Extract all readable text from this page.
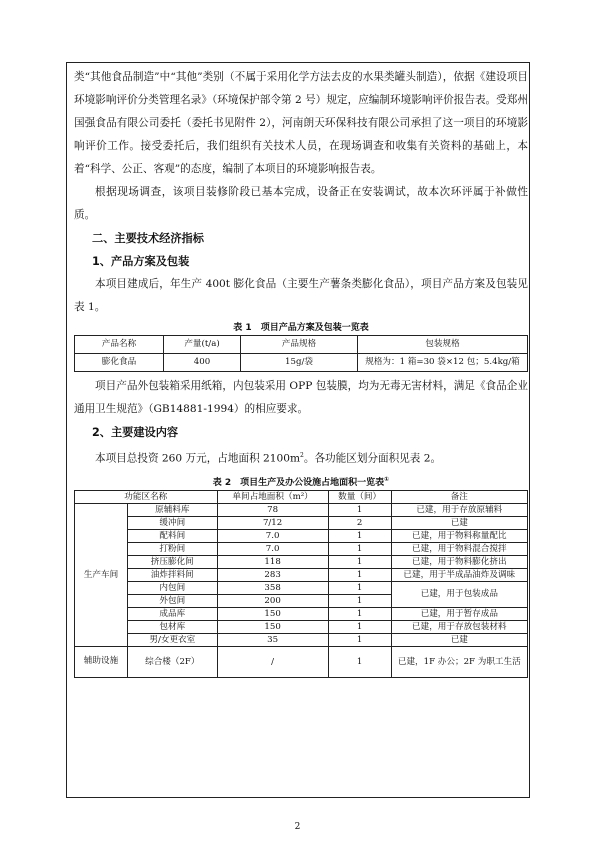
类“其他食品制造”中“其他”类别（不属于采用化学方法去皮的水果类罐头制造），依据《建设项目环境影响评价分类管理名录》（环境保护部令第 2 号）规定，应编制环境影响评价报告表。受郑州国强食品有限公司委托（委托书见附件 2），河南朗天环保科技有限公司承担了这一项目的环境影响评价工作。接受委托后，我们组织有关技术人员，在现场调查和收集有关资料的基础上，本着“科学、公正、客观”的态度，编制了本项目的环境影响报告表。

根据现场调查，该项目装修阶段已基本完成，设备正在安装调试，故本次环评属于补做性质。

二、主要技术经济指标
1、产品方案及包装

本项目建成后，年生产 400t 膨化食品（主要生产薯条类膨化食品），项目产品方案及包装见表 1。

表 1　项目产品方案及包装一览表
产品名称	产量(t/a)	产品规格	包装规格
膨化食品	400	15g/袋	规格为：1 箱=30 袋×12 包；5.4kg/箱

项目产品外包装箱采用纸箱，内包装采用 OPP 包装膜，均为无毒无害材料，满足《食品企业通用卫生规范》（GB14881-1994）的相应要求。

2、主要建设内容

本项目总投资 260 万元，占地面积 $2100m^2$。各功能区划分面积见表 2。

表 2　项目生产及办公设施占地面积一览表①
功能区名称		单间占地面积（m²）	数量（间）	备注
生产车间	原辅料库	78	1	已建，用于存放原辅料
	缓冲间	7/12	2	已建
	配料间	7.0	1	已建，用于物料称量配比
	打粉间	7.0	1	已建，用于物料混合搅拌
	挤压膨化间	118	1	已建，用于物料膨化挤出
	油炸拌料间	283	1	已建，用于半成品油炸及调味
	内包间	358	1	已建，用于包装成品
	外包间	200	1	
	成品库	150	1	已建，用于暂存成品
	包材库	150	1	已建，用于存放包装材料
	男/女更衣室	35	1	已建
辅助设施	综合楼（2F）	/	1	已建，1F 办公；2F 为职工生活
2
